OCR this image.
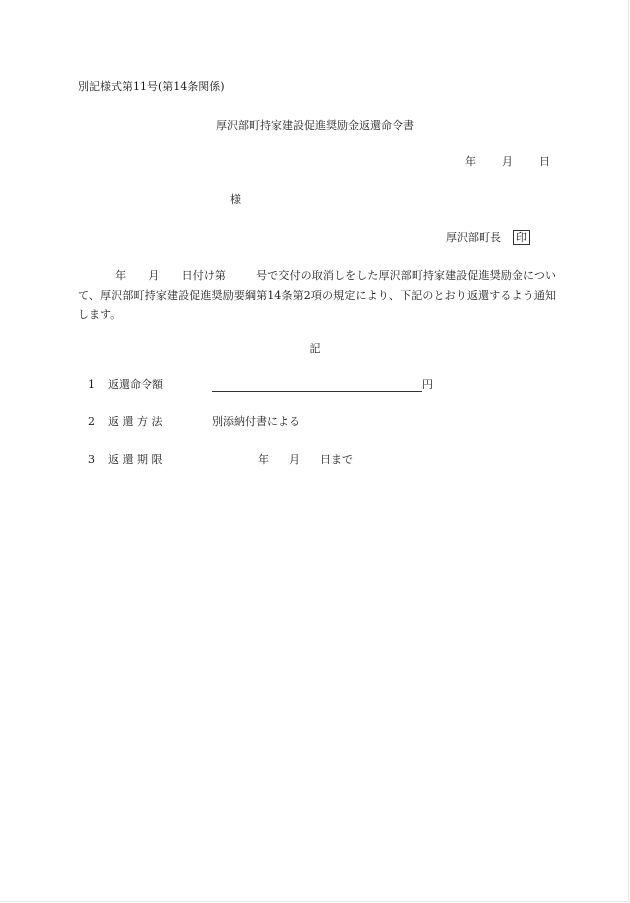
別記様式第11号(第14条関係)
厚沢部町持家建設促進奨励金返還命令書
年 月 日
様
厚沢部町長 印
年 月 日付け第	号で交付の取消しをした厚沢部町持家建設促進奨励金について、厚沢部町持家建設促進奨励要綱第14条第2項の規定により、下記のとおり返還するよう通知します。
記
1 返還命令額	円
2 返 還 方 法	別添納付書による
3 返 還 期 限	年 月 日まで
